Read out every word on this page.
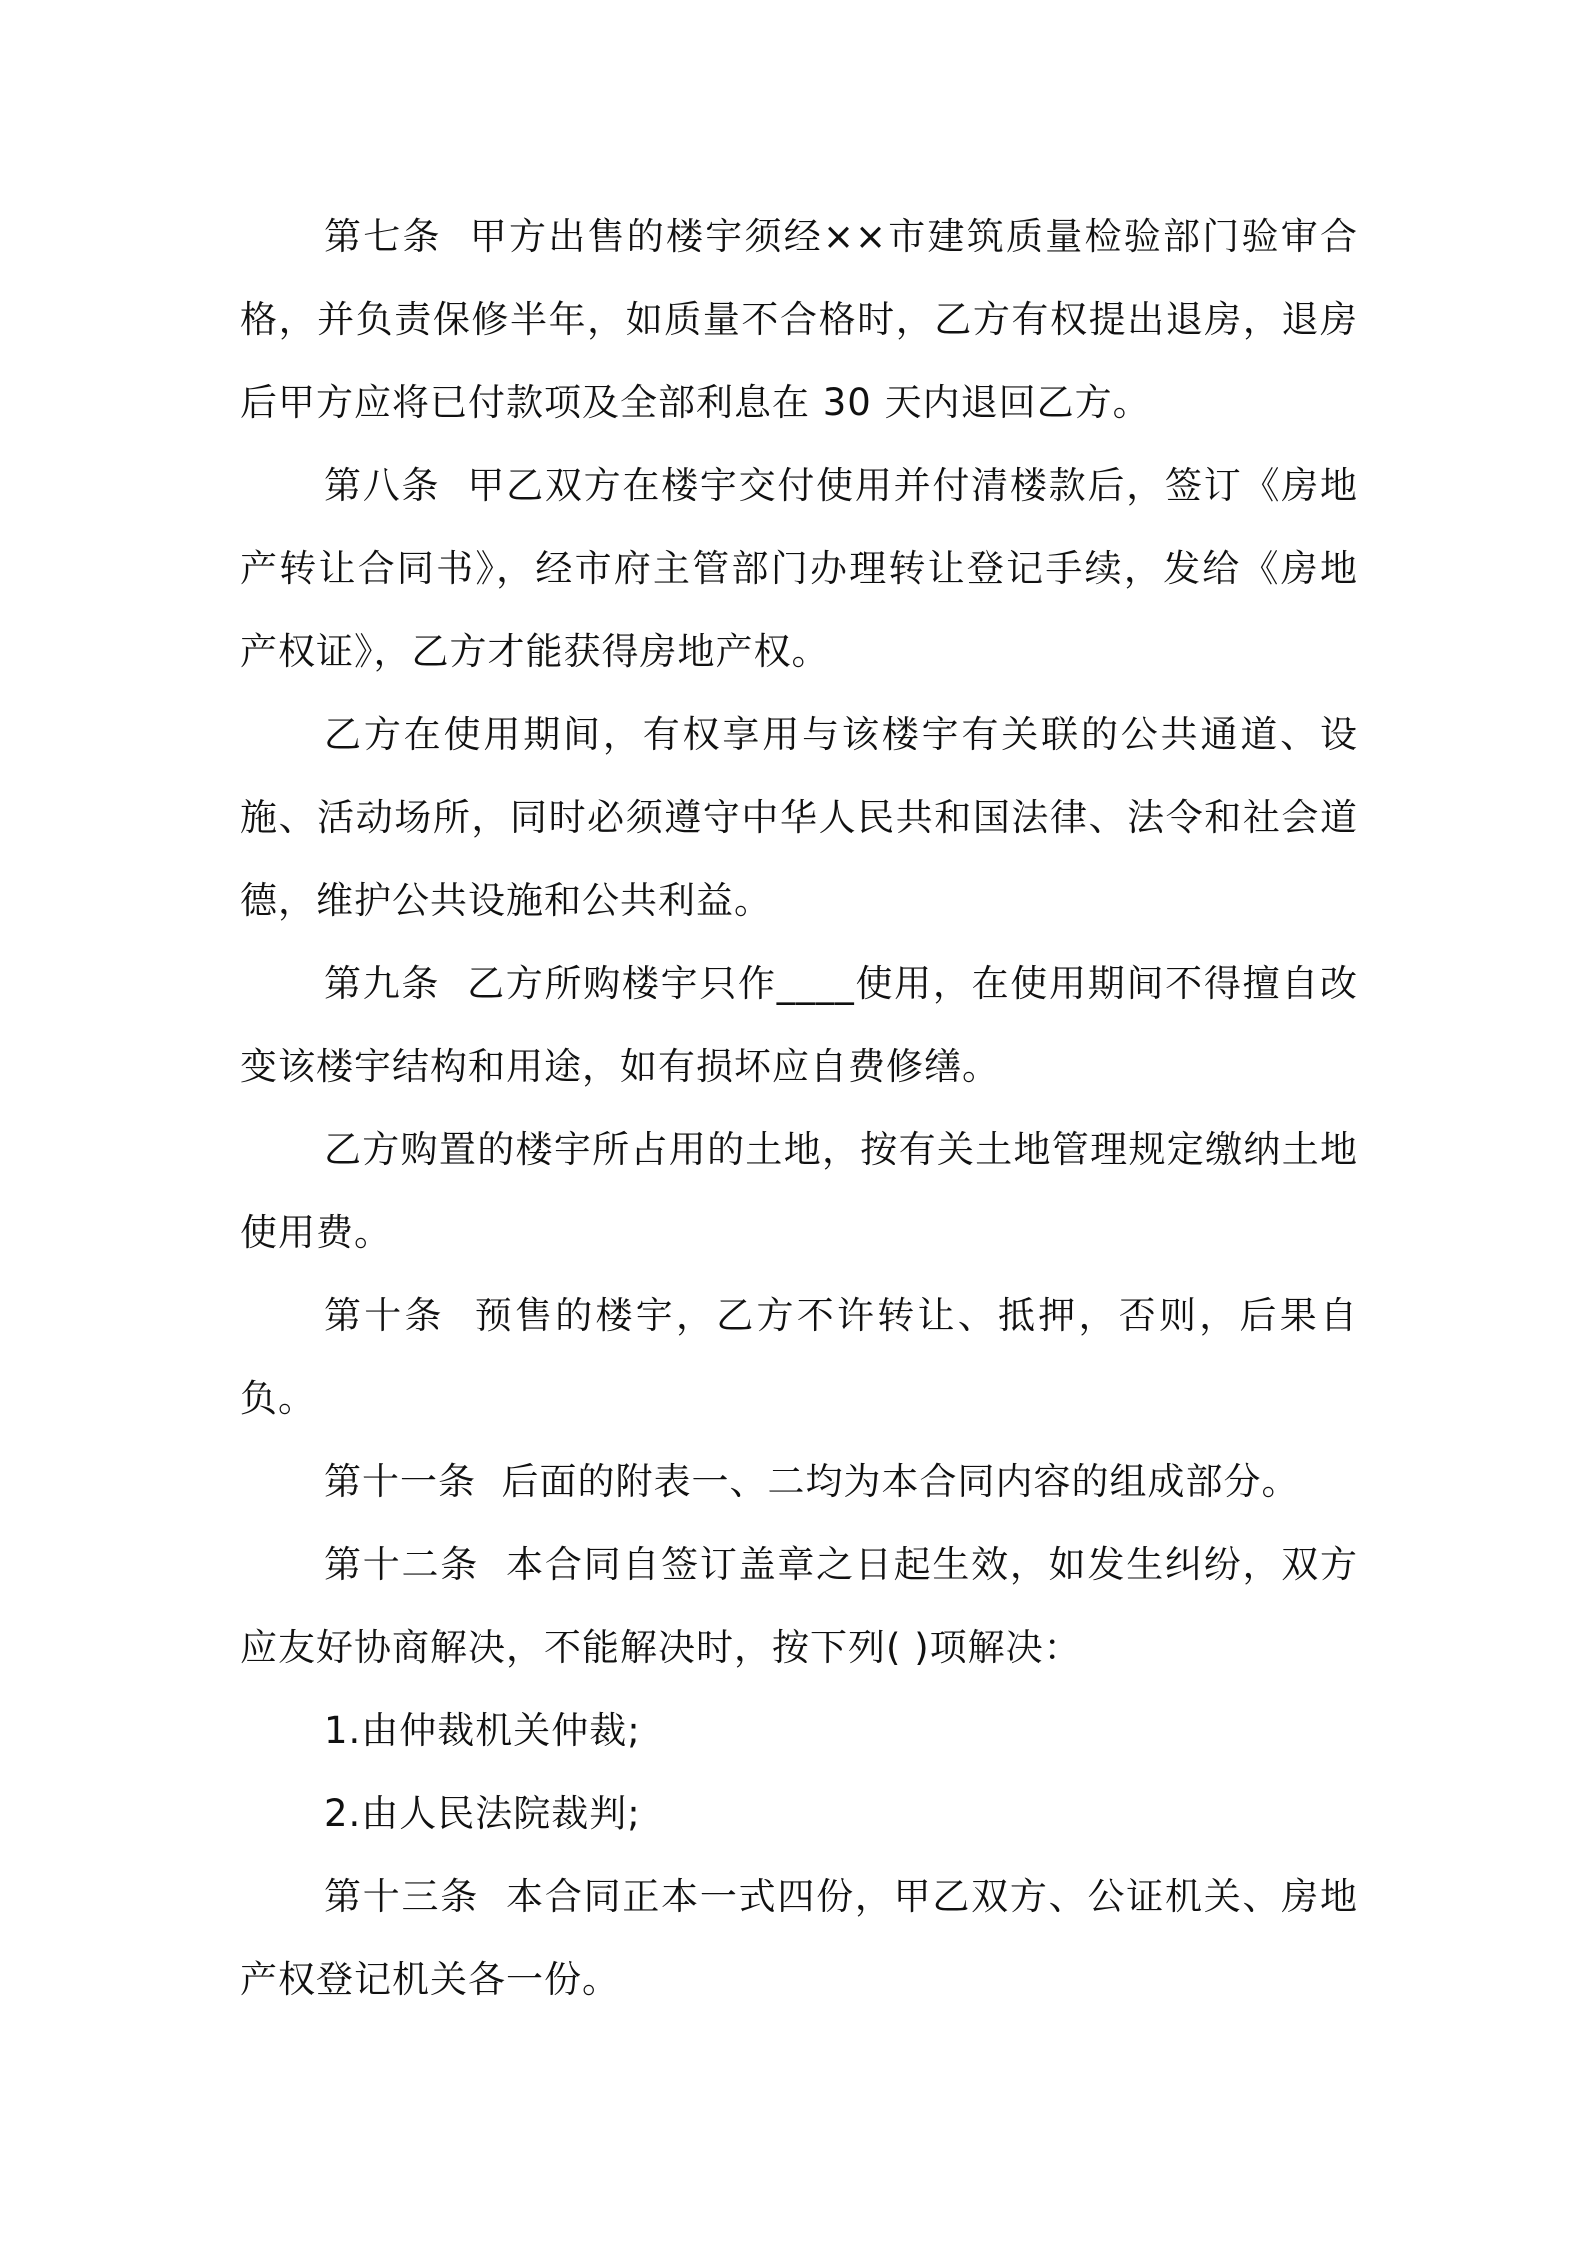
第七条  甲方出售的楼宇须经××市建筑质量检验部门验审合格，并负责保修半年，如质量不合格时，乙方有权提出退房，退房后甲方应将已付款项及全部利息在 30 天内退回乙方。

第八条  甲乙双方在楼宇交付使用并付清楼款后，签订《房地产转让合同书》，经市府主管部门办理转让登记手续，发给《房地产权证》，乙方才能获得房地产权。

乙方在使用期间，有权享用与该楼宇有关联的公共通道、设施、活动场所，同时必须遵守中华人民共和国法律、法令和社会道德，维护公共设施和公共利益。

第九条  乙方所购楼宇只作____使用，在使用期间不得擅自改变该楼宇结构和用途，如有损坏应自费修缮。

乙方购置的楼宇所占用的土地，按有关土地管理规定缴纳土地使用费。

第十条  预售的楼宇，乙方不许转让、抵押，否则，后果自负。

第十一条  后面的附表一、二均为本合同内容的组成部分。

第十二条  本合同自签订盖章之日起生效，如发生纠纷，双方应友好协商解决，不能解决时，按下列( )项解决：

1.由仲裁机关仲裁;

2.由人民法院裁判;

第十三条  本合同正本一式四份，甲乙双方、公证机关、房地产权登记机关各一份。
